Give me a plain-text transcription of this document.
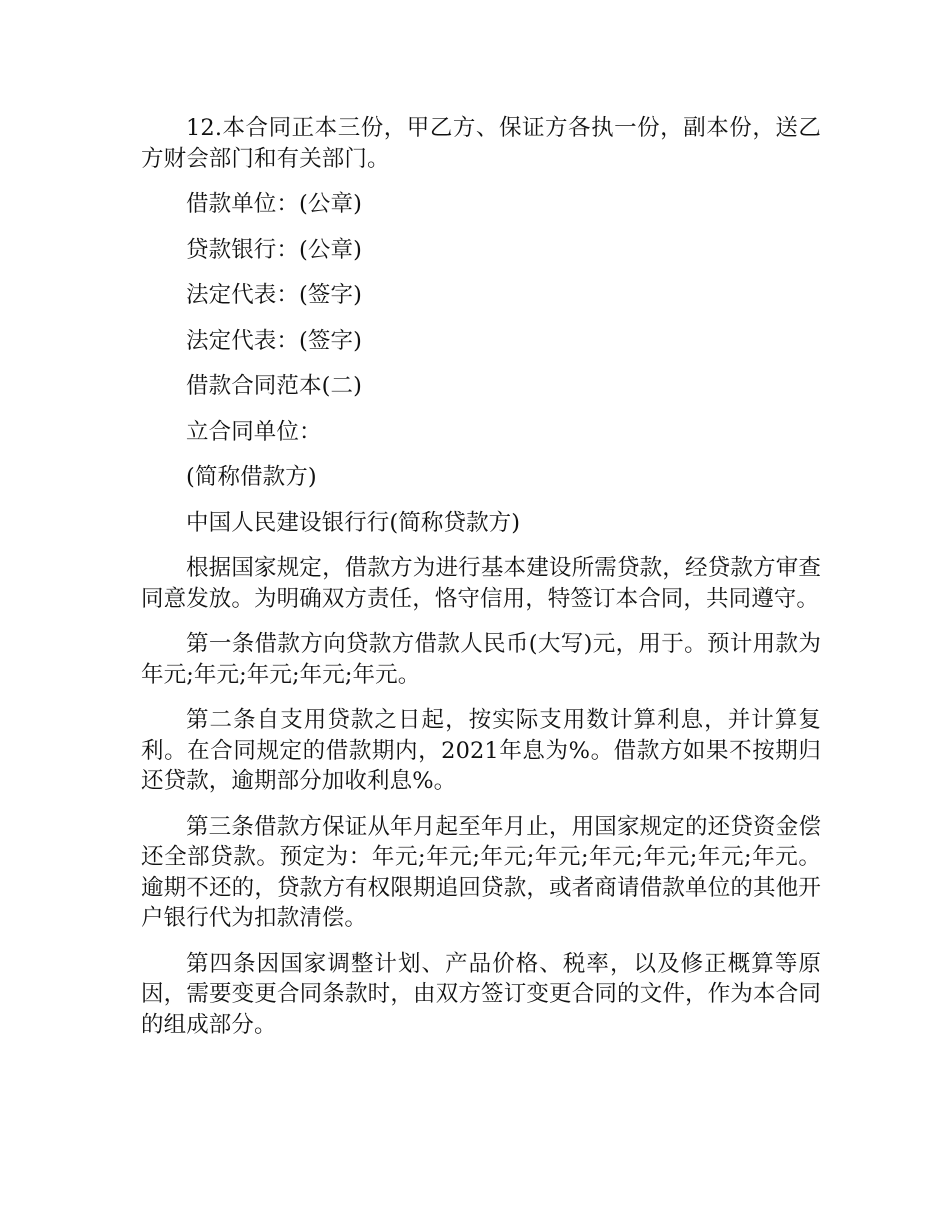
12.本合同正本三份，甲乙方、保证方各执一份，副本份，送乙方财会部门和有关部门。

借款单位：(公章)

贷款银行：(公章)

法定代表：(签字)

法定代表：(签字)

借款合同范本(二)

立合同单位：

(简称借款方)

中国人民建设银行行(简称贷款方)

根据国家规定，借款方为进行基本建设所需贷款，经贷款方审查同意发放。为明确双方责任，恪守信用，特签订本合同，共同遵守。

第一条借款方向贷款方借款人民币(大写)元，用于。预计用款为年元;年元;年元;年元;年元。

第二条自支用贷款之日起，按实际支用数计算利息，并计算复利。在合同规定的借款期内，2021年息为%。借款方如果不按期归还贷款，逾期部分加收利息%。

第三条借款方保证从年月起至年月止，用国家规定的还贷资金偿还全部贷款。预定为：年元;年元;年元;年元;年元;年元;年元;年元。逾期不还的，贷款方有权限期追回贷款，或者商请借款单位的其他开户银行代为扣款清偿。

第四条因国家调整计划、产品价格、税率，以及修正概算等原因，需要变更合同条款时，由双方签订变更合同的文件，作为本合同的组成部分。
